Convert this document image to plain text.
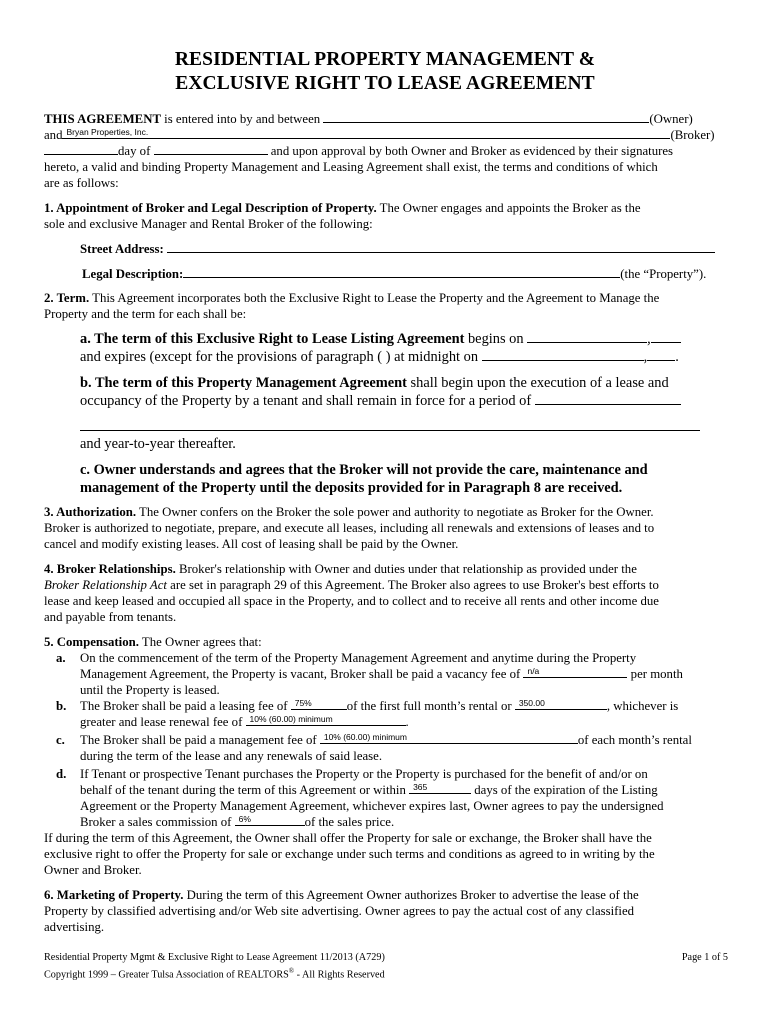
RESIDENTIAL PROPERTY MANAGEMENT &
EXCLUSIVE RIGHT TO LEASE AGREEMENT
THIS AGREEMENT is entered into by and between	(Owner)
and Bryan Properties, Inc.	(Broker)
day of	and upon approval by both Owner and Broker as evidenced by their signatures
hereto, a valid and binding Property Management and Leasing Agreement shall exist, the terms and conditions of which
are as follows:
1. Appointment of Broker and Legal Description of Property. The Owner engages and appoints the Broker as the
sole and exclusive Manager and Rental Broker of the following:
Street Address:
Legal Description:	(the “Property”).
2. Term. This Agreement incorporates both the Exclusive Right to Lease the Property and the Agreement to Manage the
Property and the term for each shall be:
a. The term of this Exclusive Right to Lease Listing Agreement begins on	,
and expires (except for the provisions of paragraph ( ) at midnight on	, .
b. The term of this Property Management Agreement shall begin upon the execution of a lease and
occupancy of the Property by a tenant and shall remain in force for a period of
and year-to-year thereafter.
c. Owner understands and agrees that the Broker will not provide the care, maintenance and
management of the Property until the deposits provided for in Paragraph 8 are received.
3. Authorization. The Owner confers on the Broker the sole power and authority to negotiate as Broker for the Owner.
Broker is authorized to negotiate, prepare, and execute all leases, including all renewals and extensions of leases and to
cancel and modify existing leases. All cost of leasing shall be paid by the Owner.
4. Broker Relationships. Broker's relationship with Owner and duties under that relationship as provided under the
Broker Relationship Act are set in paragraph 29 of this Agreement. The Broker also agrees to use Broker's best efforts to
lease and keep leased and occupied all space in the Property, and to collect and to receive all rents and other income due
and payable from tenants.
5. Compensation. The Owner agrees that:
a.	On the commencement of the term of the Property Management Agreement and anytime during the Property
Management Agreement, the Property is vacant, Broker shall be paid a vacancy fee of n/a	per month
until the Property is leased.
b.	The Broker shall be paid a leasing fee of 75%	of the first full month’s rental or 350.00	, whichever is
greater and lease renewal fee of 10% (60.00) minimum	.
c.	The Broker shall be paid a management fee of 10% (60.00) minimum	of each month’s rental
during the term of the lease and any renewals of said lease.
d.	If Tenant or prospective Tenant purchases the Property or the Property is purchased for the benefit of and/or on
behalf of the tenant during the term of this Agreement or within 365	days of the expiration of the Listing
Agreement or the Property Management Agreement, whichever expires last, Owner agrees to pay the undersigned
Broker a sales commission of 6%	of the sales price.
If during the term of this Agreement, the Owner shall offer the Property for sale or exchange, the Broker shall have the
exclusive right to offer the Property for sale or exchange under such terms and conditions as agreed to in writing by the
Owner and Broker.
6. Marketing of Property. During the term of this Agreement Owner authorizes Broker to advertise the lease of the
Property by classified advertising and/or Web site advertising. Owner agrees to pay the actual cost of any classified
advertising.
Residential Property Mgmt & Exclusive Right to Lease Agreement 11/2013 (A729)	Page 1 of 5
Copyright 1999 – Greater Tulsa Association of REALTORS® - All Rights Reserved
